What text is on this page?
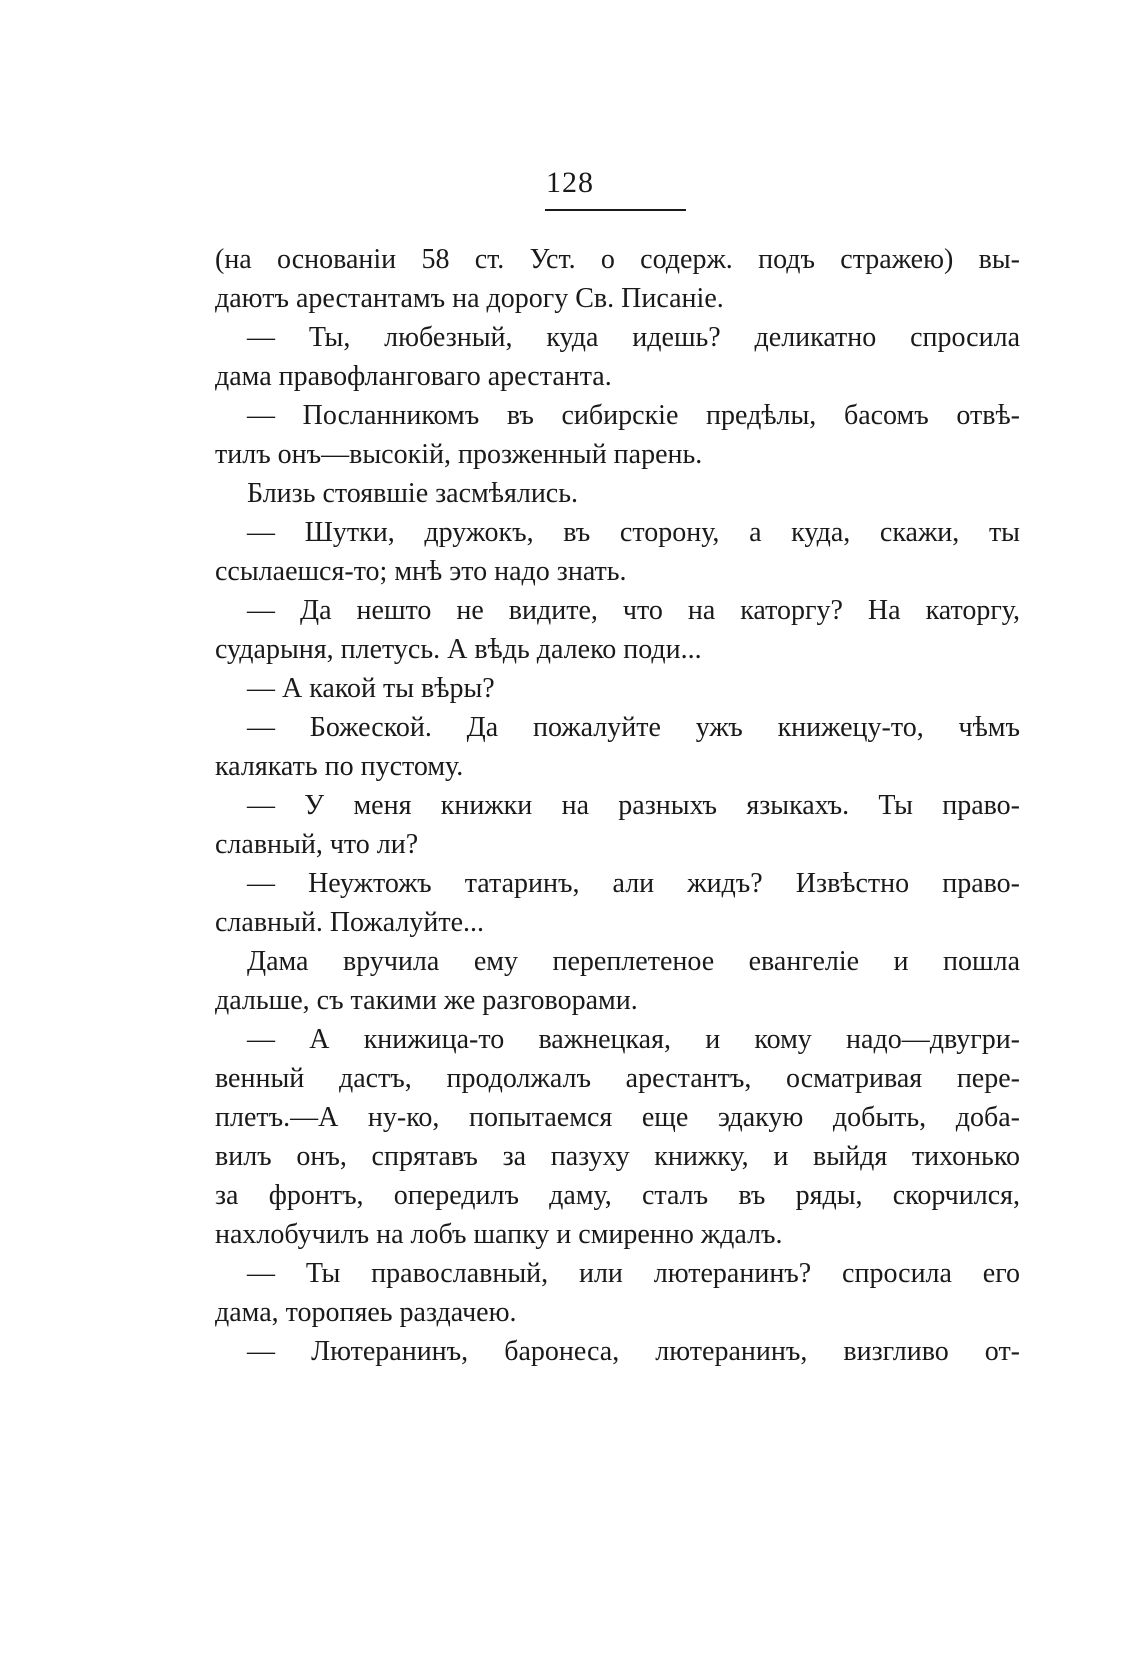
128
(на основанiи 58 ст. Уст. о содерж. подъ стражею) вы-
даютъ арестантамъ на дорогу Св. Писанiе.
— Ты, любезный, куда идешь? деликатно спросила
дама правофланговаго арестанта.
— Посланникомъ въ сибирскiе предѣлы, басомъ отвѣ-
тилъ онъ—высокiй, прозженный парень.
Близь стоявшiе засмѣялись.
— Шутки, дружокъ, въ сторону, а куда, скажи, ты
ссылаешся-то; мнѣ это надо знать.
— Да нешто не видите, что на каторгу? На каторгу,
сударыня, плетусь. А вѣдь далеко поди...
— А какой ты вѣры?
— Божеской. Да пожалуйте ужъ книжецу-то, чѣмъ
калякать по пустому.
— У меня книжки на разныхъ языкахъ. Ты право-
славный, что ли?
— Неужтожъ татаринъ, али жидъ? Извѣстно право-
славный. Пожалуйте...
Дама вручила ему переплетеное евангелiе и пошла
дальше, съ такими же разговорами.
— А книжица-то важнецкая, и кому надо—двугри-
венный дастъ, продолжалъ арестантъ, осматривая пере-
плетъ.—А ну-ко, попытаемся еще эдакую добыть, доба-
вилъ онъ, спрятавъ за пазуху книжку, и выйдя тихонько
за фронтъ, опередилъ даму, сталъ въ ряды, скорчился,
нахлобучилъ на лобъ шапку и смиренно ждалъ.
— Ты православный, или лютеранинъ? спросила его
дама, торопяеь раздачею.
— Лютеранинъ, баронеса, лютеранинъ, визгливо от-
